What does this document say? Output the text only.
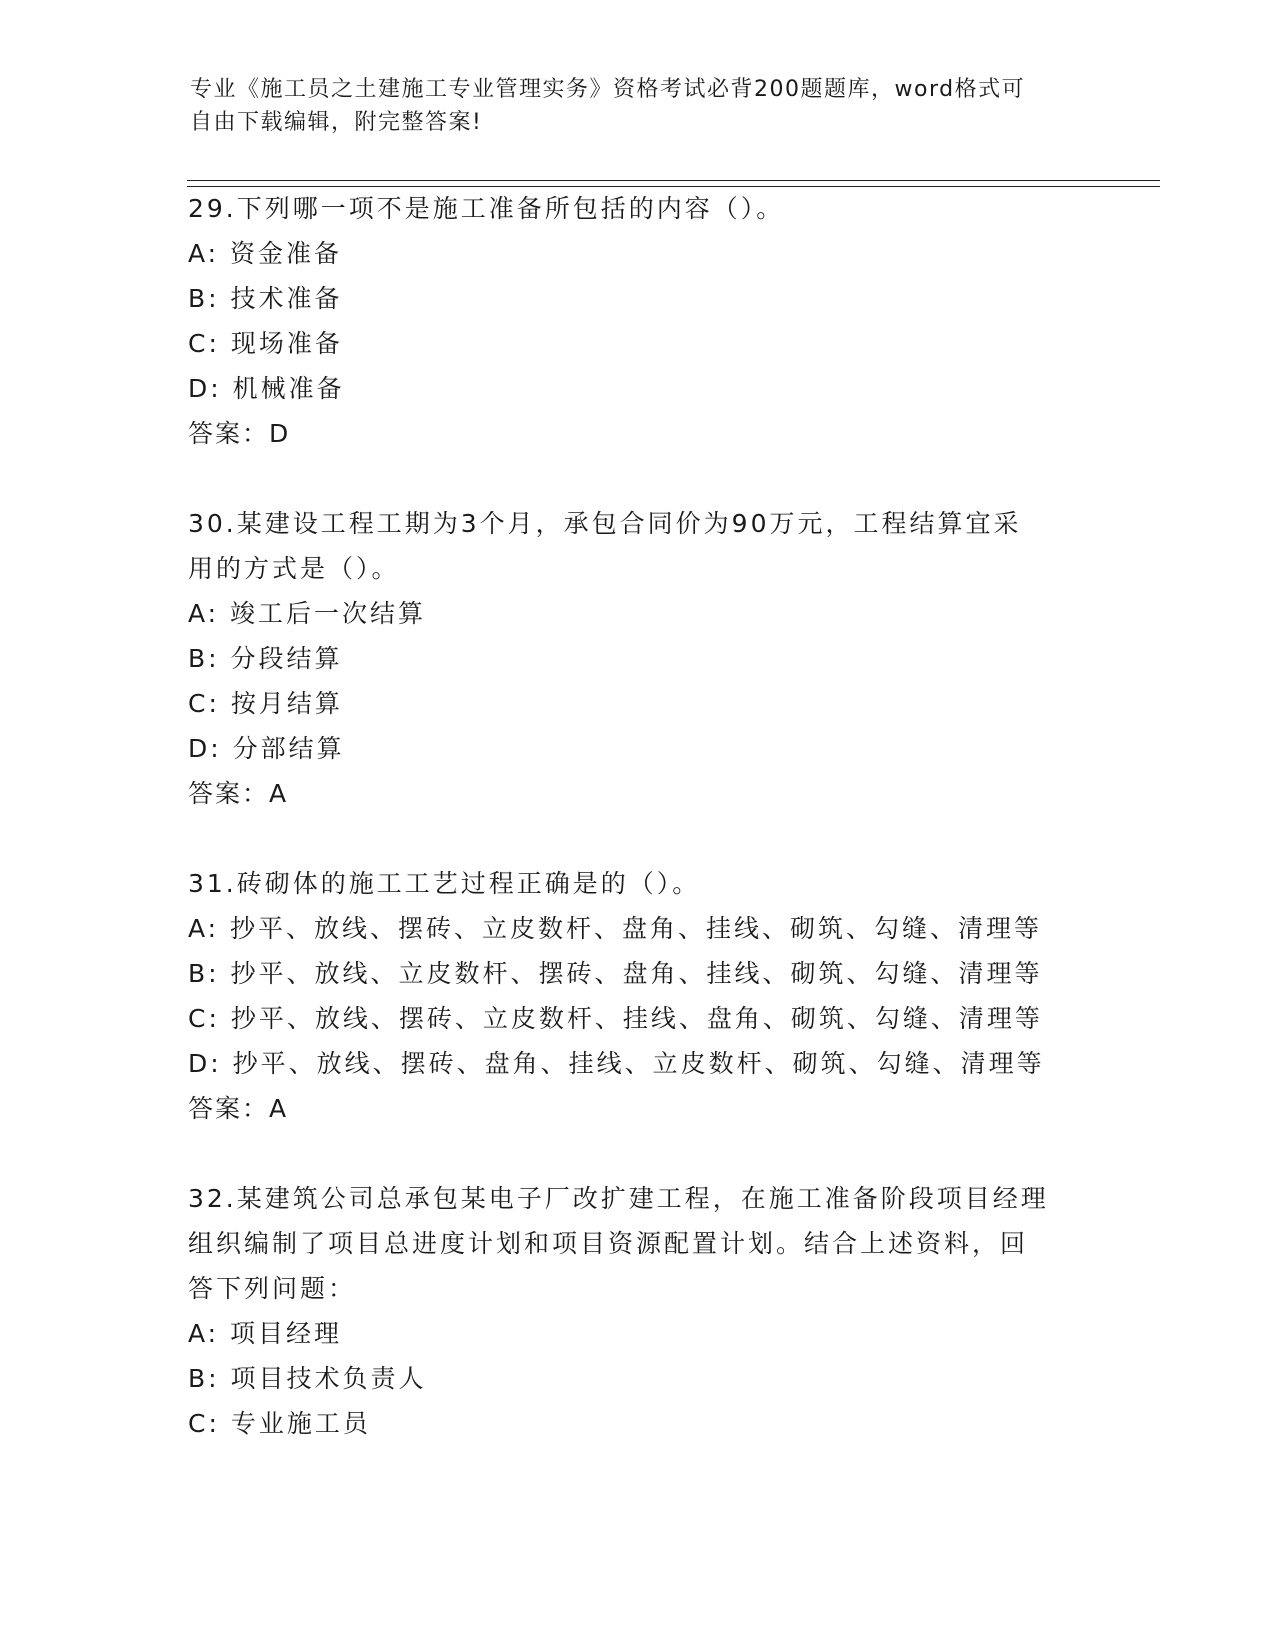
专业《施工员之土建施工专业管理实务》资格考试必背200题题库，word格式可
自由下载编辑，附完整答案!
29.下列哪一项不是施工准备所包括的内容（）。
A: 资金准备
B: 技术准备
C: 现场准备
D: 机械准备
答案：D
30.某建设工程工期为3个月，承包合同价为90万元，工程结算宜采
用的方式是（）。
A: 竣工后一次结算
B: 分段结算
C: 按月结算
D: 分部结算
答案：A
31.砖砌体的施工工艺过程正确是的（）。
A: 抄平、放线、摆砖、立皮数杆、盘角、挂线、砌筑、勾缝、清理等
B: 抄平、放线、立皮数杆、摆砖、盘角、挂线、砌筑、勾缝、清理等
C: 抄平、放线、摆砖、立皮数杆、挂线、盘角、砌筑、勾缝、清理等
D: 抄平、放线、摆砖、盘角、挂线、立皮数杆、砌筑、勾缝、清理等
答案：A
32.某建筑公司总承包某电子厂改扩建工程，在施工准备阶段项目经理
组织编制了项目总进度计划和项目资源配置计划。结合上述资料，回
答下列问题：
A: 项目经理
B: 项目技术负责人
C: 专业施工员
